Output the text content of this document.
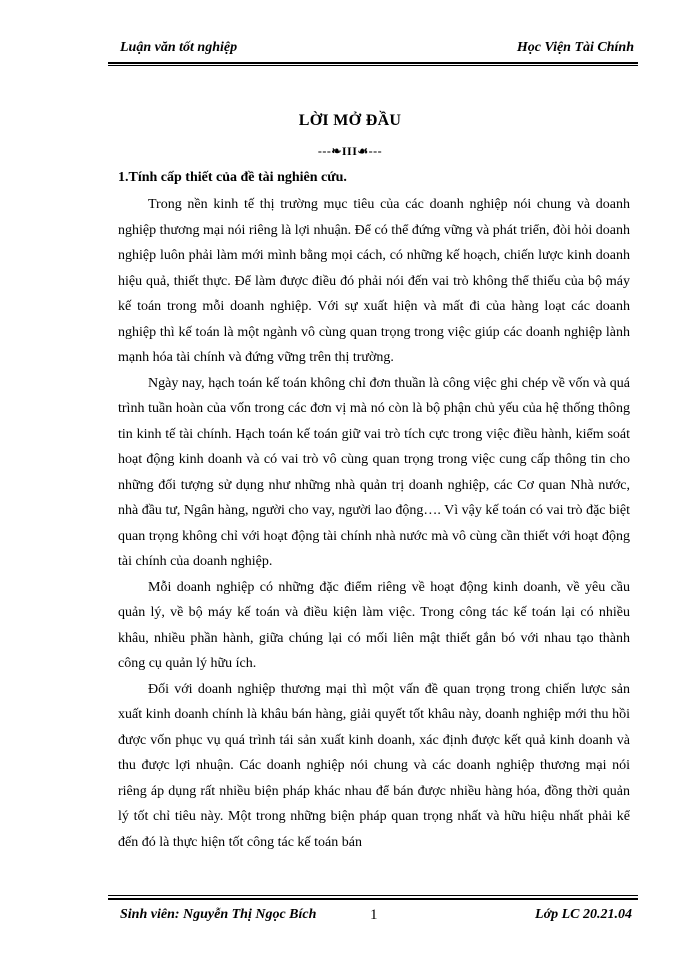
Luận văn tốt nghiệp	Học Viện Tài Chính
LỜI MỞ ĐẦU
---❧ΙΙΙ☙---
1.Tính cấp thiết của đề tài nghiên cứu.

Trong nền kinh tế thị trường mục tiêu của các doanh nghiệp nói chung và doanh nghiệp thương mại nói riêng là lợi nhuận. Để có thể đứng vững và phát triển, đòi hỏi doanh nghiệp luôn phải làm mới mình bằng mọi cách, có những kế hoạch, chiến lược kinh doanh hiệu quả, thiết thực. Để làm được điều đó phải nói đến vai trò không thể thiếu của bộ máy kế toán trong mỗi doanh nghiệp. Với sự xuất hiện và mất đi của hàng loạt các doanh nghiệp thì kế toán là một ngành vô cùng quan trọng trong việc giúp các doanh nghiệp lành mạnh hóa tài chính và đứng vững trên thị trường.

Ngày nay, hạch toán kế toán không chỉ đơn thuần là công việc ghi chép về vốn và quá trình tuần hoàn của vốn trong các đơn vị mà nó còn là bộ phận chủ yếu của hệ thống thông tin kinh tế tài chính. Hạch toán kế toán giữ vai trò tích cực trong việc điều hành, kiểm soát hoạt động kinh doanh và có vai trò vô cùng quan trọng trong việc cung cấp thông tin cho những đối tượng sử dụng như những nhà quản trị doanh nghiệp, các Cơ quan Nhà nước, nhà đầu tư, Ngân hàng, người cho vay, người lao động…. Vì vậy kế toán có vai trò đặc biệt quan trọng không chỉ với hoạt động tài chính nhà nước mà vô cùng cần thiết với hoạt động tài chính của doanh nghiệp.

Mỗi doanh nghiệp có những đặc điểm riêng về hoạt động kinh doanh, về yêu cầu quản lý, về bộ máy kế toán và điều kiện làm việc. Trong công tác kế toán lại có nhiều khâu, nhiều phần hành, giữa chúng lại có mối liên mật thiết gắn bó với nhau tạo thành công cụ quản lý hữu ích.

Đối với doanh nghiệp thương mại thì một vấn đề quan trọng trong chiến lược sản xuất kinh doanh chính là khâu bán hàng, giải quyết tốt khâu này, doanh nghiệp mới thu hồi được vốn phục vụ quá trình tái sản xuất kinh doanh, xác định được kết quả kinh doanh và thu được lợi nhuận. Các doanh nghiệp nói chung và các doanh nghiệp thương mại nói riêng áp dụng rất nhiều biện pháp khác nhau để bán được nhiều hàng hóa, đồng thời quản lý tốt chỉ tiêu này. Một trong những biện pháp quan trọng nhất và hữu hiệu nhất phải kể đến đó là thực hiện tốt công tác kế toán bán

Sinh viên: Nguyễn Thị Ngọc Bích	1	Lớp LC 20.21.04
